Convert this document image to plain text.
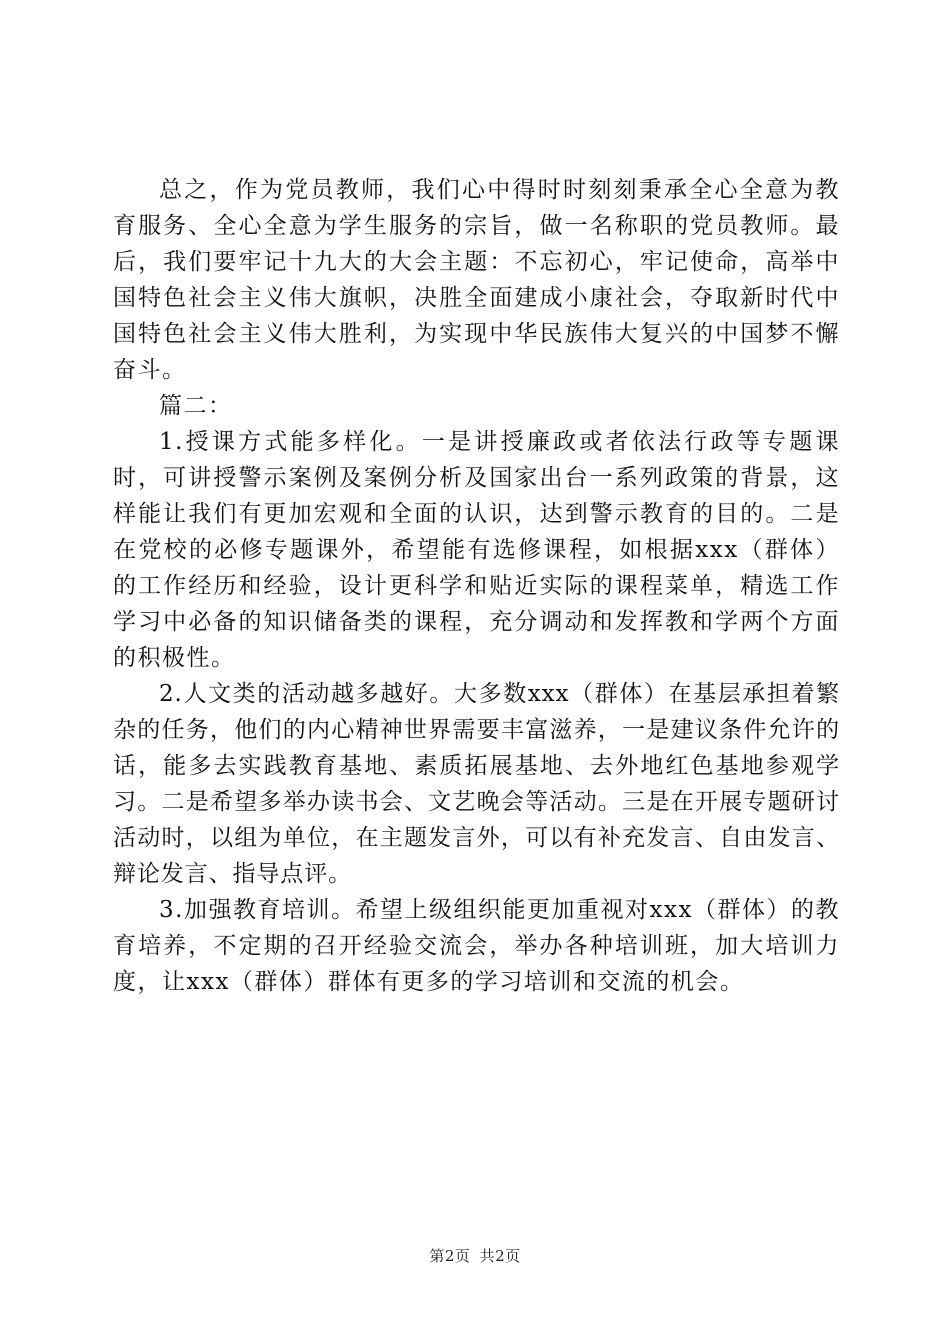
总之，作为党员教师，我们心中得时时刻刻秉承全心全意为教育服务、全心全意为学生服务的宗旨，做一名称职的党员教师。最后，我们要牢记十九大的大会主题：不忘初心，牢记使命，高举中国特色社会主义伟大旗帜，决胜全面建成小康社会，夺取新时代中国特色社会主义伟大胜利，为实现中华民族伟大复兴的中国梦不懈奋斗。

篇二：

1.授课方式能多样化。一是讲授廉政或者依法行政等专题课时，可讲授警示案例及案例分析及国家出台一系列政策的背景，这样能让我们有更加宏观和全面的认识，达到警示教育的目的。二是在党校的必修专题课外，希望能有选修课程，如根据xxx（群体）的工作经历和经验，设计更科学和贴近实际的课程菜单，精选工作学习中必备的知识储备类的课程，充分调动和发挥教和学两个方面的积极性。

2.人文类的活动越多越好。大多数xxx（群体）在基层承担着繁杂的任务，他们的内心精神世界需要丰富滋养，一是建议条件允许的话，能多去实践教育基地、素质拓展基地、去外地红色基地参观学习。二是希望多举办读书会、文艺晚会等活动。三是在开展专题研讨活动时，以组为单位，在主题发言外，可以有补充发言、自由发言、辩论发言、指导点评。

3.加强教育培训。希望上级组织能更加重视对xxx（群体）的教育培养，不定期的召开经验交流会，举办各种培训班，加大培训力度，让xxx（群体）群体有更多的学习培训和交流的机会。

第2页 共2页
